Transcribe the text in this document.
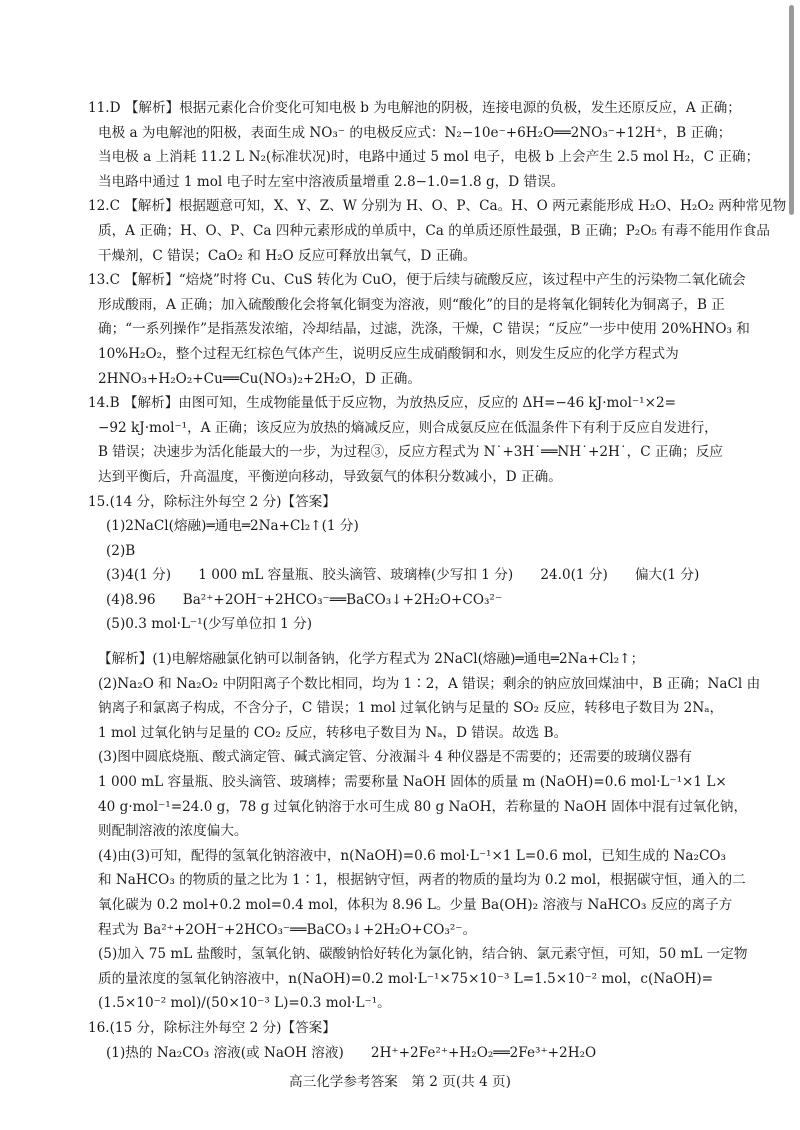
11.D 【解析】根据元素化合价变化可知电极 b 为电解池的阴极，连接电源的负极，发生还原反应，A 正确；
电极 a 为电解池的阳极，表面生成 NO₃⁻ 的电极反应式：N₂−10e⁻+6H₂O══2NO₃⁻+12H⁺，B 正确；
当电极 a 上消耗 11.2 L N₂(标准状况)时，电路中通过 5 mol 电子，电极 b 上会产生 2.5 mol H₂，C 正确；
当电路中通过 1 mol 电子时左室中溶液质量增重 2.8−1.0=1.8 g，D 错误。
12.C 【解析】根据题意可知，X、Y、Z、W 分别为 H、O、P、Ca。H、O 两元素能形成 H₂O、H₂O₂ 两种常见物
质，A 正确；H、O、P、Ca 四种元素形成的单质中，Ca 的单质还原性最强，B 正确；P₂O₅ 有毒不能用作食品
干燥剂，C 错误；CaO₂ 和 H₂O 反应可释放出氧气，D 正确。
13.C 【解析】“焙烧”时将 Cu、CuS 转化为 CuO，便于后续与硫酸反应，该过程中产生的污染物二氧化硫会
形成酸雨，A 正确；加入硫酸酸化会将氧化铜变为溶液，则“酸化”的目的是将氧化铜转化为铜离子，B 正
确；“一系列操作”是指蒸发浓缩，冷却结晶，过滤，洗涤，干燥，C 错误；“反应”一步中使用 20%HNO₃ 和
10%H₂O₂，整个过程无红棕色气体产生，说明反应生成硝酸铜和水，则发生反应的化学方程式为
2HNO₃+H₂O₂+Cu══Cu(NO₃)₂+2H₂O，D 正确。
14.B 【解析】由图可知，生成物能量低于反应物，为放热反应，反应的 ΔH=−46 kJ·mol⁻¹×2=
−92 kJ·mol⁻¹，A 正确；该反应为放热的熵减反应，则合成氨反应在低温条件下有利于反应自发进行，
B 错误；决速步为活化能最大的一步，为过程③，反应方程式为 N˙+3H˙══NH˙+2H˙，C 正确；反应
达到平衡后，升高温度，平衡逆向移动，导致氨气的体积分数减小，D 正确。
15.(14 分，除标注外每空 2 分)【答案】
(1)2NaCl(熔融)═通电═2Na+Cl₂↑(1 分)
(2)B
(3)4(1 分)　　1 000 mL 容量瓶、胶头滴管、玻璃棒(少写扣 1 分)　　24.0(1 分)　　偏大(1 分)
(4)8.96　　Ba²⁺+2OH⁻+2HCO₃⁻══BaCO₃↓+2H₂O+CO₃²⁻
(5)0.3 mol·L⁻¹(少写单位扣 1 分)
【解析】(1)电解熔融氯化钠可以制备钠，化学方程式为 2NaCl(熔融)═通电═2Na+Cl₂↑；
(2)Na₂O 和 Na₂O₂ 中阴阳离子个数比相同，均为 1∶2，A 错误；剩余的钠应放回煤油中，B 正确；NaCl 由
钠离子和氯离子构成，不含分子，C 错误；1 mol 过氧化钠与足量的 SO₂ 反应，转移电子数目为 2Nₐ，
1 mol 过氧化钠与足量的 CO₂ 反应，转移电子数目为 Nₐ，D 错误。故选 B。
(3)图中圆底烧瓶、酸式滴定管、碱式滴定管、分液漏斗 4 种仪器是不需要的；还需要的玻璃仪器有
1 000 mL 容量瓶、胶头滴管、玻璃棒；需要称量 NaOH 固体的质量 m (NaOH)=0.6 mol·L⁻¹×1 L×
40 g·mol⁻¹=24.0 g，78 g 过氧化钠溶于水可生成 80 g NaOH，若称量的 NaOH 固体中混有过氧化钠，
则配制溶液的浓度偏大。
(4)由(3)可知，配得的氢氧化钠溶液中，n(NaOH)=0.6 mol·L⁻¹×1 L=0.6 mol，已知生成的 Na₂CO₃
和 NaHCO₃ 的物质的量之比为 1∶1，根据钠守恒，两者的物质的量均为 0.2 mol，根据碳守恒，通入的二
氧化碳为 0.2 mol+0.2 mol=0.4 mol，体积为 8.96 L。少量 Ba(OH)₂ 溶液与 NaHCO₃ 反应的离子方
程式为 Ba²⁺+2OH⁻+2HCO₃⁻══BaCO₃↓+2H₂O+CO₃²⁻。
(5)加入 75 mL 盐酸时，氢氧化钠、碳酸钠恰好转化为氯化钠，结合钠、氯元素守恒，可知，50 mL 一定物
质的量浓度的氢氧化钠溶液中，n(NaOH)=0.2 mol·L⁻¹×75×10⁻³ L=1.5×10⁻² mol，c(NaOH)=
(1.5×10⁻² mol)/(50×10⁻³ L)=0.3 mol·L⁻¹。
16.(15 分，除标注外每空 2 分)【答案】
(1)热的 Na₂CO₃ 溶液(或 NaOH 溶液)　　2H⁺+2Fe²⁺+H₂O₂══2Fe³⁺+2H₂O
高三化学参考答案　第 2 页(共 4 页)
